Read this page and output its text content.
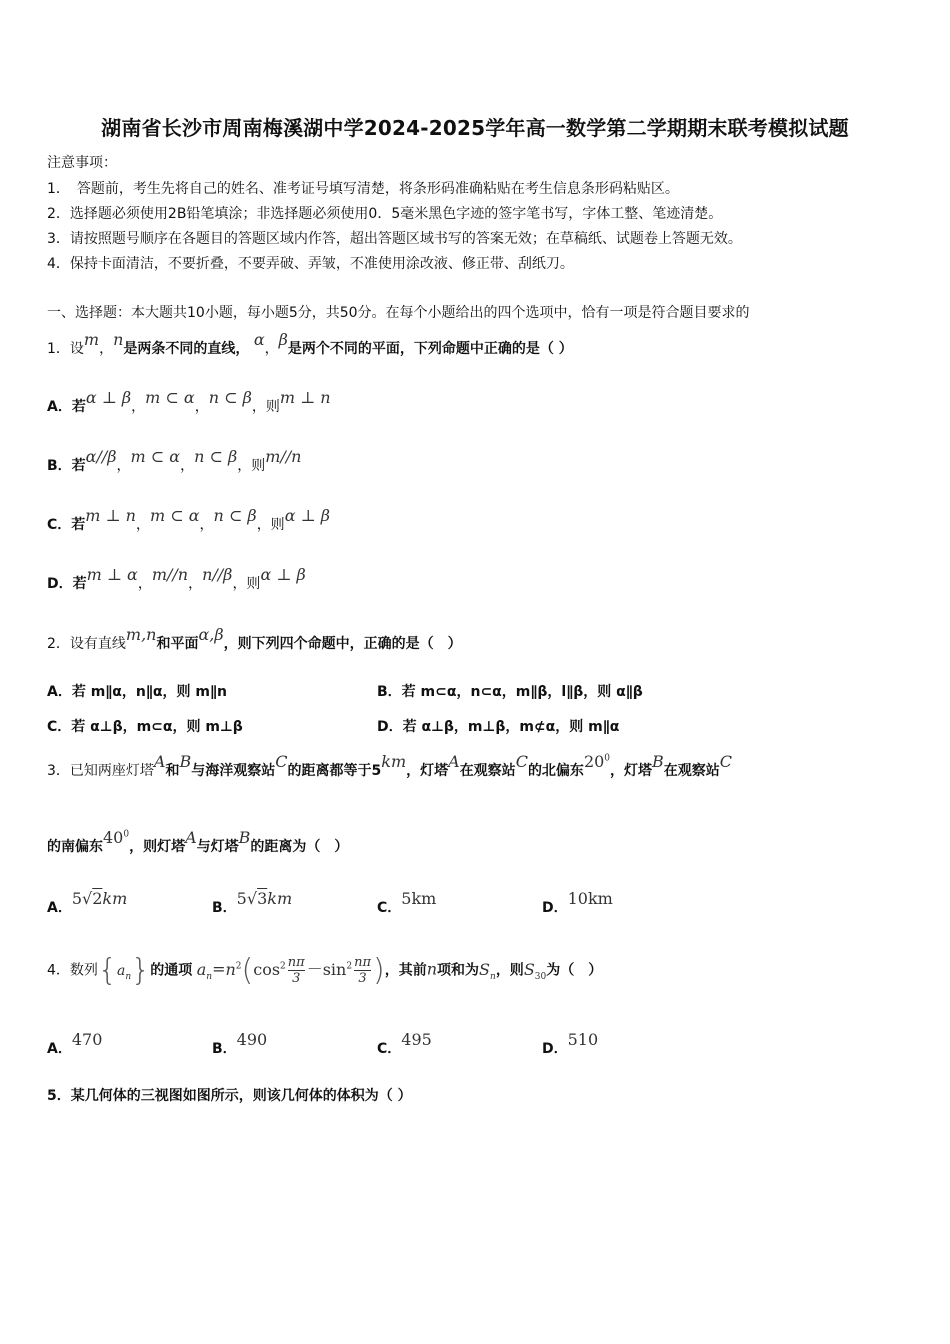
湖南省长沙市周南梅溪湖中学2024-2025学年高一数学第二学期期末联考模拟试题
注意事项：
1．　答题前，考生先将自己的姓名、准考证号填写清楚，将条形码准确粘贴在考生信息条形码粘贴区。
2．选择题必须使用2B铅笔填涂；非选择题必须使用0．5毫米黑色字迹的签字笔书写，字体工整、笔迹清楚。
3．请按照题号顺序在各题目的答题区域内作答，超出答题区域书写的答案无效；在草稿纸、试题卷上答题无效。
4．保持卡面清洁，不要折叠，不要弄破、弄皱，不准使用涂改液、修正带、刮纸刀。
一、选择题：本大题共10小题，每小题5分，共50分。在每个小题给出的四个选项中，恰有一项是符合题目要求的
1．设m，n是两条不同的直线， α，β是两个不同的平面，下列命题中正确的是（ ）
A．若α ⊥ β，m ⊂ α，n ⊂ β，则m ⊥ n
B．若α//β，m ⊂ α，n ⊂ β，则m//n
C．若m ⊥ n，m ⊂ α，n ⊂ β，则α ⊥ β
D．若m ⊥ α，m//n，n//β，则α ⊥ β
2．设有直线m,n和平面α,β，则下列四个命题中，正确的是（　）
A．若 m∥α，n∥α，则 m∥n	B．若 m⊂α，n⊂α，m∥β，l∥β，则 α∥β
C．若 α⊥β，m⊂α，则 m⊥β	D．若 α⊥β，m⊥β，m⊄α，则 m∥α
3．已知两座灯塔A和B与海洋观察站C的距离都等于5km，灯塔A在观察站C的北偏东$20^0$，灯塔B在观察站C
的南偏东$40^0$，则灯塔A与灯塔B的距离为（　）
A．5√2km	B．5√3km	C．5km	D．10km
4．数列$\{a_n\}$的通项 $a_n=n^2(\cos^2 \frac{n\pi}{3} -\sin^2 \frac{n\pi}{3}$ )，其前n项和为$S_n$，则$S_{30}$为（　）
A．470	B．490	C．495	D．510
5．某几何体的三视图如图所示，则该几何体的体积为（ ）
